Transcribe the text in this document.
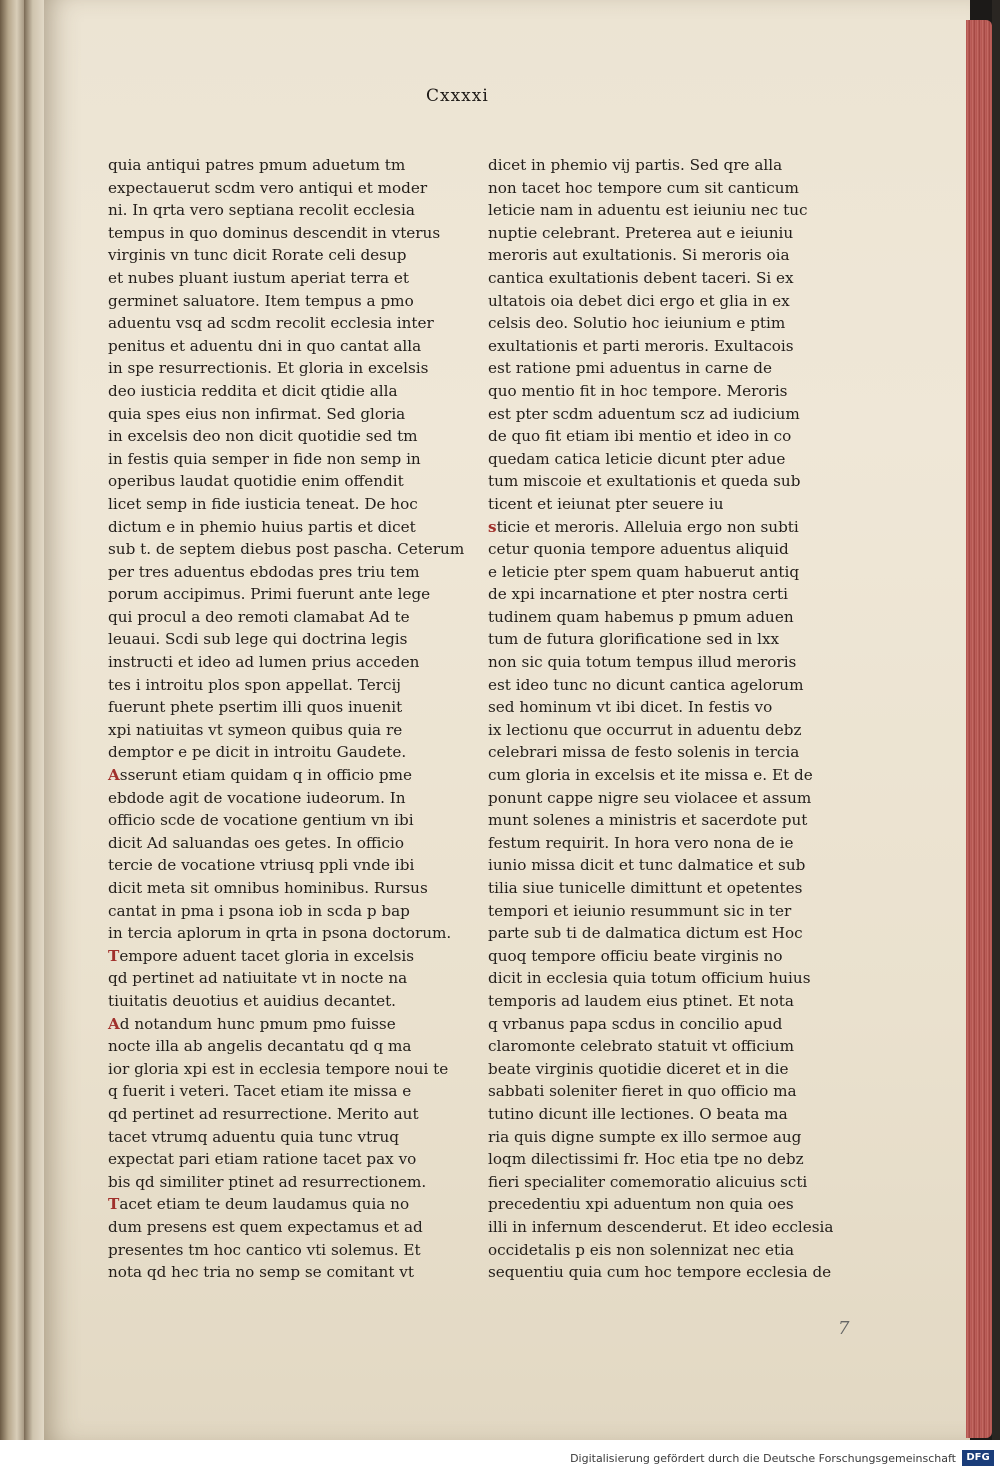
Cxxxxi
quia antiqui patres pmum aduetum tm
expectauerut scdm vero antiqui et moder
ni. In qrta vero septiana recolit ecclesia
tempus in quo dominus descendit in vterus
virginis vn tunc dicit Rorate celi desup
et nubes pluant iustum aperiat terra et
germinet saluatore. Item tempus a pmo
aduentu vsq ad scdm recolit ecclesia inter
penitus et aduentu dni in quo cantat alla
in spe resurrectionis. Et gloria in excelsis
deo iusticia reddita et dicit qtidie alla
quia spes eius non infirmat. Sed gloria
in excelsis deo non dicit quotidie sed tm
in festis quia semper in fide non semp in
operibus laudat quotidie enim offendit
licet semp in fide iusticia teneat. De hoc
dictum e in phemio huius partis et dicet
sub t. de septem diebus post pascha. Ceterum
per tres aduentus ebdodas pres triu tem
porum accipimus. Primi fuerunt ante lege
qui procul a deo remoti clamabat Ad te
leuaui. Scdi sub lege qui doctrina legis
instructi et ideo ad lumen prius acceden
tes i introitu plos spon appellat. Tercij
fuerunt phete psertim illi quos inuenit
xpi natiuitas vt symeon quibus quia re
demptor e pe dicit in introitu Gaudete.
Asserunt etiam quidam q in officio pme
ebdode agit de vocatione iudeorum. In
officio scde de vocatione gentium vn ibi
dicit Ad saluandas oes getes. In officio
tercie de vocatione vtriusq ppli vnde ibi
dicit meta sit omnibus hominibus. Rursus
cantat in pma i psona iob in scda p bap
in tercia aplorum in qrta in psona doctorum.
Tempore aduent tacet gloria in excelsis
qd pertinet ad natiuitate vt in nocte na
tiuitatis deuotius et auidius decantet.
Ad notandum hunc pmum pmo fuisse
nocte illa ab angelis decantatu qd q ma
ior gloria xpi est in ecclesia tempore noui te
q fuerit i veteri. Tacet etiam ite missa e
qd pertinet ad resurrectione. Merito aut
tacet vtrumq aduentu quia tunc vtruq
expectat pari etiam ratione tacet pax vo
bis qd similiter ptinet ad resurrectionem.
Tacet etiam te deum laudamus quia no
dum presens est quem expectamus et ad
presentes tm hoc cantico vti solemus. Et
nota qd hec tria no semp se comitant vt
dicet in phemio vij partis. Sed qre alla
non tacet hoc tempore cum sit canticum
leticie nam in aduentu est ieiuniu nec tuc
nuptie celebrant. Preterea aut e ieiuniu
meroris aut exultationis. Si meroris oia
cantica exultationis debent taceri. Si ex
ultatois oia debet dici ergo et glia in ex
celsis deo. Solutio hoc ieiunium e ptim
exultationis et parti meroris. Exultacois
est ratione pmi aduentus in carne de
quo mentio fit in hoc tempore. Meroris
est pter scdm aduentum scz ad iudicium
de quo fit etiam ibi mentio et ideo in co
quedam catica leticie dicunt pter adue
tum miscoie et exultationis et queda sub
ticent et ieiunat pter seuere iu
sticie et meroris. Alleluia ergo non subti
cetur quonia tempore aduentus aliquid
e leticie pter spem quam habuerut antiq
de xpi incarnatione et pter nostra certi
tudinem quam habemus p pmum aduen
tum de futura glorificatione sed in lxx
non sic quia totum tempus illud meroris
est ideo tunc no dicunt cantica agelorum
sed hominum vt ibi dicet. In festis vo
ix lectionu que occurrut in aduentu debz
celebrari missa de festo solenis in tercia
cum gloria in excelsis et ite missa e. Et de
ponunt cappe nigre seu violacee et assum
munt solenes a ministris et sacerdote put
festum requirit. In hora vero nona de ie
iunio missa dicit et tunc dalmatice et sub
tilia siue tunicelle dimittunt et opetentes
tempori et ieiunio resummunt sic in ter
parte sub ti de dalmatica dictum est Hoc
quoq tempore officiu beate virginis no
dicit in ecclesia quia totum officium huius
temporis ad laudem eius ptinet. Et nota
q vrbanus papa scdus in concilio apud
claromonte celebrato statuit vt officium
beate virginis quotidie diceret et in die
sabbati soleniter fieret in quo officio ma
tutino dicunt ille lectiones. O beata ma
ria quis digne sumpte ex illo sermoe aug
loqm dilectissimi fr. Hoc etia tpe no debz
fieri specialiter comemoratio alicuius scti
precedentiu xpi aduentum non quia oes
illi in infernum descenderut. Et ideo ecclesia
occidetalis p eis non solennizat nec etia
sequentiu quia cum hoc tempore ecclesia de
7
Digitalisierung gefördert durch die Deutsche Forschungsgemeinschaft	DFG
